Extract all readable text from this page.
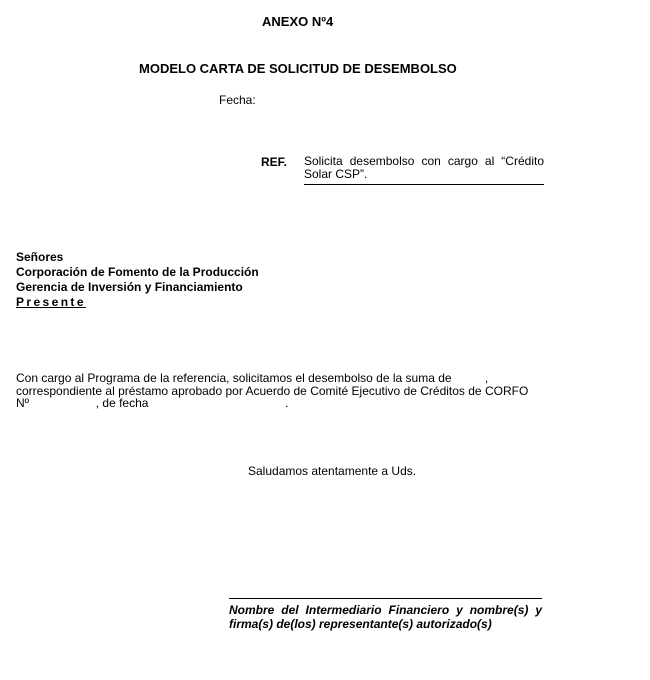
ANEXO Nº4
MODELO CARTA DE SOLICITUD DE DESEMBOLSO
Fecha:
REF. Solicita desembolso con cargo al “Crédito Solar CSP”.
Señores
Corporación de Fomento de la Producción
Gerencia de Inversión y Financiamiento
Presente
Con cargo al Programa de la referencia, solicitamos el desembolso de la suma de          ,
correspondiente al préstamo aprobado por Acuerdo de Comité Ejecutivo de Créditos de CORFO
Nº                    , de fecha                                         .
Saludamos atentamente a Uds.
Nombre del Intermediario Financiero y nombre(s) y firma(s) de(los) representante(s) autorizado(s)
